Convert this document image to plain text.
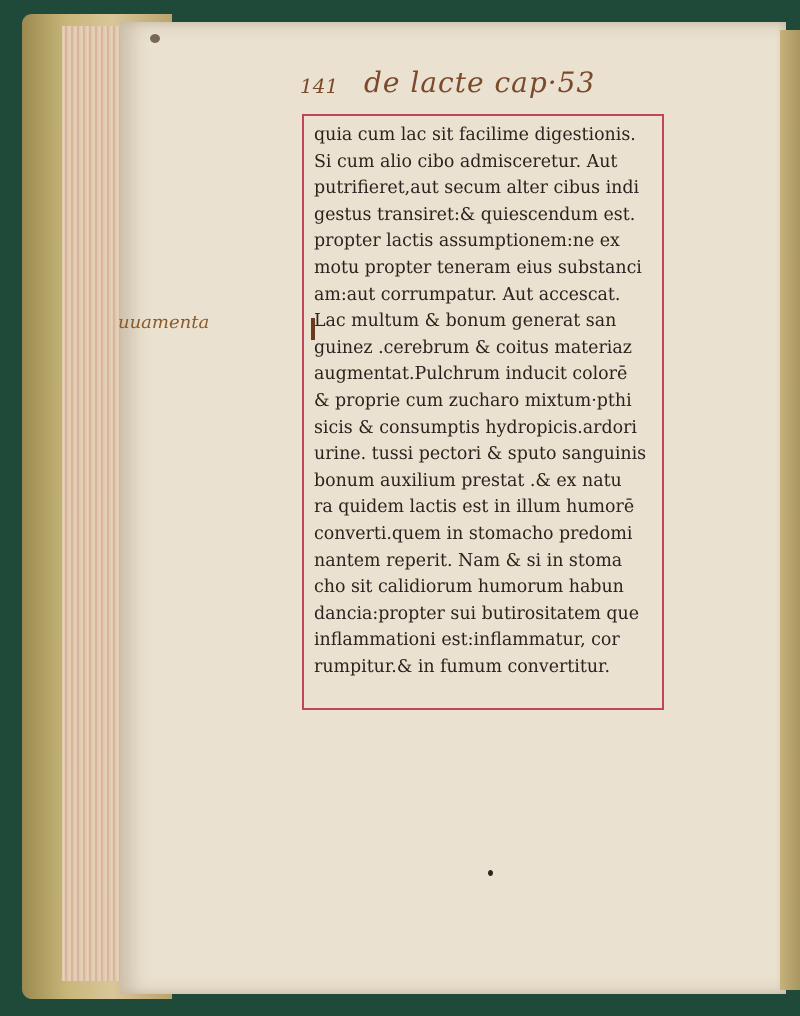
141 de lacte cap·53
uuamenta
quia cum lac sit facilime digestionis.
Si cum alio cibo admisceretur. Aut
putrifieret,aut secum alter cibus indi
gestus transiret:& quiescendum est.
propter lactis assumptionem:ne ex
motu propter teneram eius substanci
am:aut corrumpatur. Aut accescat.
Lac multum & bonum generat san
guinez .cerebrum & coitus materiaz
augmentat.Pulchrum inducit colorē
& proprie cum zucharo mixtum·pthi
sicis & consumptis hydropicis.ardori
urine. tussi pectori & sputo sanguinis
bonum auxilium prestat .& ex natu
ra quidem lactis est in illum humorē
converti.quem in stomacho predomi
nantem reperit. Nam & si in stoma
cho sit calidiorum humorum habun
dancia:propter sui butirositatem que
inflammationi est:inflammatur, cor
rumpitur.& in fumum convertitur.
